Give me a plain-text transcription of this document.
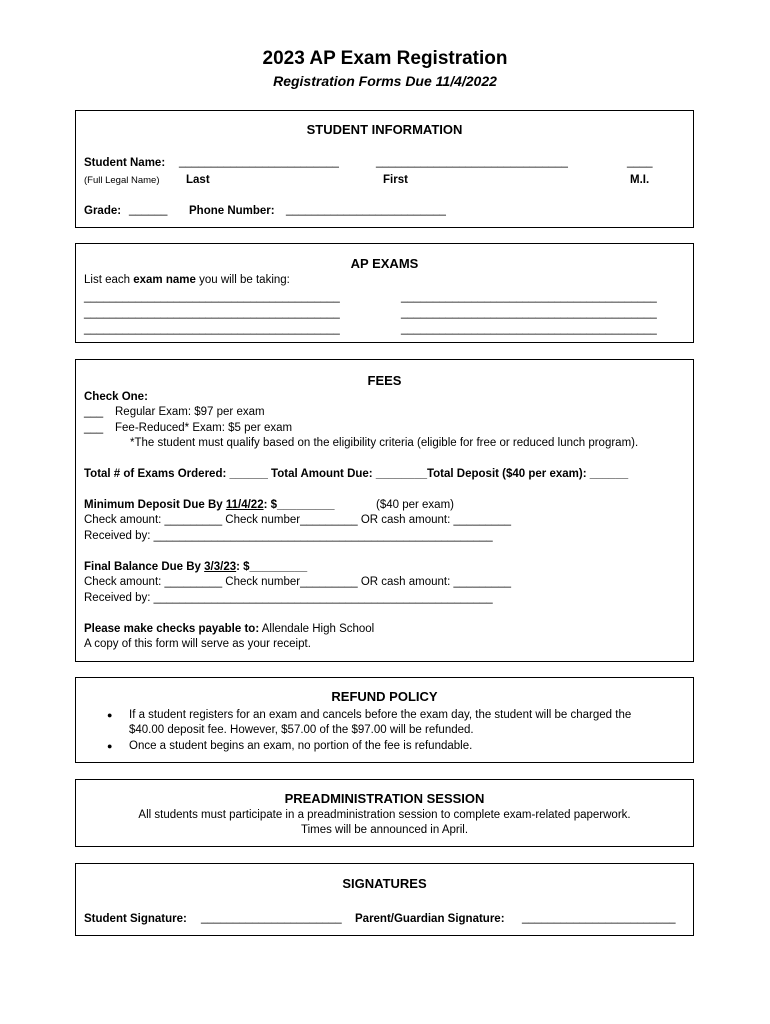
2023 AP Exam Registration
Registration Forms Due 11/4/2022
STUDENT INFORMATION
Student Name: _________________________	______________________________	____
(Full Legal Name) Last	First	M.I.
Grade: ______ Phone Number: _________________________
AP EXAMS
List each exam name you will be taking:
________________________________________	________________________________________
________________________________________	________________________________________
________________________________________	________________________________________
FEES
Check One:
___ Regular Exam: $97 per exam
___ Fee-Reduced* Exam: $5 per exam
*The student must qualify based on the eligibility criteria (eligible for free or reduced lunch program).
Total # of Exams Ordered: ______ Total Amount Due: ________Total Deposit ($40 per exam): ______
Minimum Deposit Due By 11/4/22: $_________	($40 per exam)
Check amount: _________ Check number_________ OR cash amount: _________
Received by: _____________________________________________________
Final Balance Due By 3/3/23: $_________
Check amount: _________ Check number_________ OR cash amount: _________
Received by: _____________________________________________________
Please make checks payable to: Allendale High School
A copy of this form will serve as your receipt.
REFUND POLICY
● If a student registers for an exam and cancels before the exam day, the student will be charged the
$40.00 deposit fee. However, $57.00 of the $97.00 will be refunded.
● Once a student begins an exam, no portion of the fee is refundable.
PREADMINISTRATION SESSION
All students must participate in a preadministration session to complete exam-related paperwork.
Times will be announced in April.
SIGNATURES
Student Signature: ______________________ Parent/Guardian Signature: ________________________
